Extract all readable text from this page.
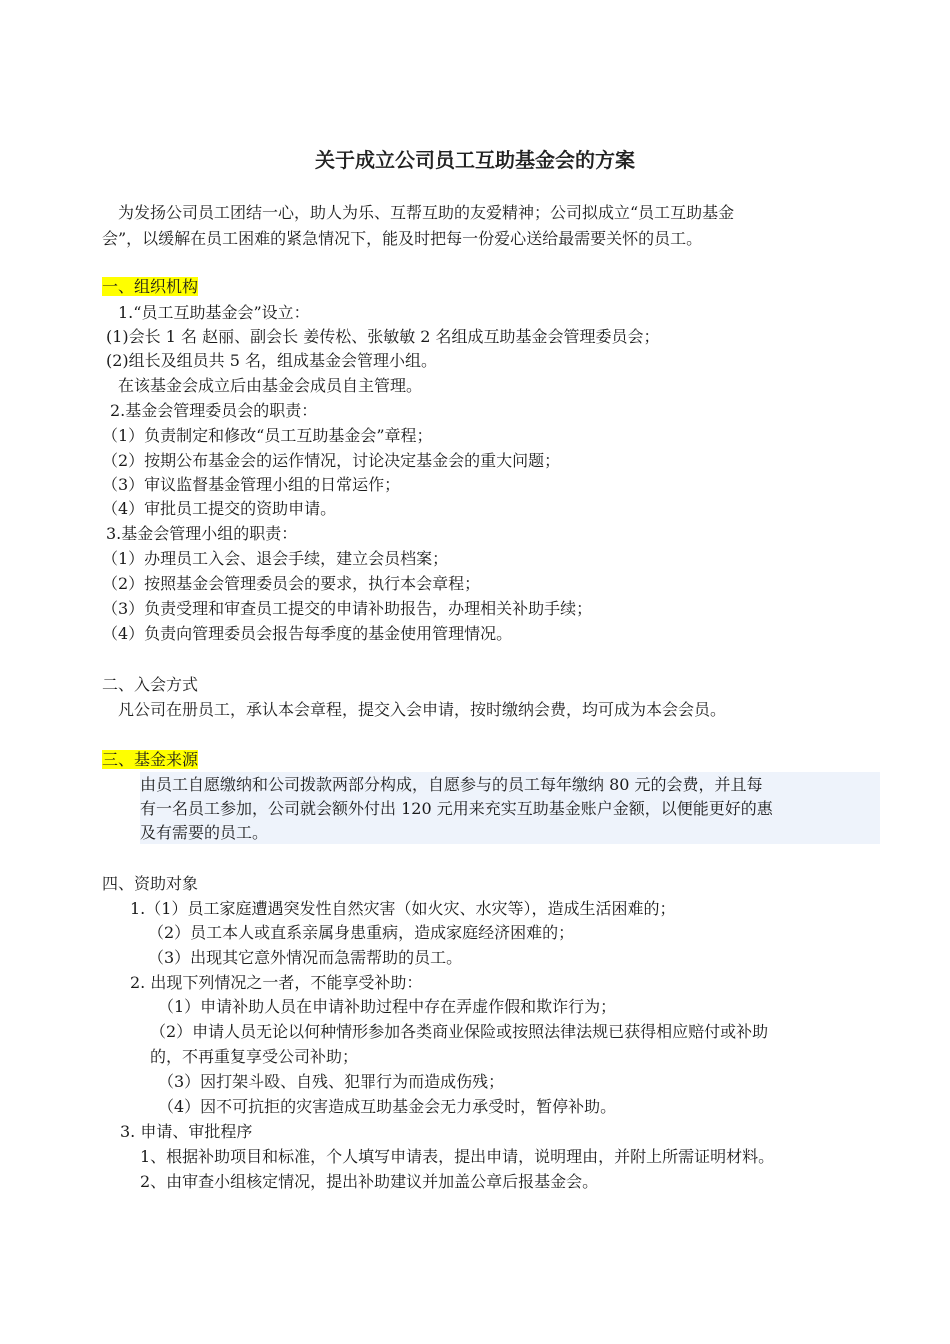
关于成立公司员工互助基金会的方案
为发扬公司员工团结一心，助人为乐、互帮互助的友爱精神；公司拟成立“员工互助基金
会”，以缓解在员工困难的紧急情况下，能及时把每一份爱心送给最需要关怀的员工。
一、组织机构
1.“员工互助基金会”设立：
(1)会长 1 名 赵丽、副会长 姜传松、张敏敏 2 名组成互助基金会管理委员会；
(2)组长及组员共 5 名，组成基金会管理小组。
在该基金会成立后由基金会成员自主管理。
2.基金会管理委员会的职责：
（1）负责制定和修改“员工互助基金会”章程；
（2）按期公布基金会的运作情况，讨论决定基金会的重大问题；
（3）审议监督基金管理小组的日常运作；
（4）审批员工提交的资助申请。
3.基金会管理小组的职责：
（1）办理员工入会、退会手续，建立会员档案；
（2）按照基金会管理委员会的要求，执行本会章程；
（3）负责受理和审查员工提交的申请补助报告，办理相关补助手续；
（4）负责向管理委员会报告每季度的基金使用管理情况。
二、入会方式
凡公司在册员工，承认本会章程，提交入会申请，按时缴纳会费，均可成为本会会员。
三、基金来源
由员工自愿缴纳和公司拨款两部分构成，自愿参与的员工每年缴纳 80 元的会费，并且每
有一名员工参加，公司就会额外付出 120 元用来充实互助基金账户金额，以便能更好的惠
及有需要的员工。
四、资助对象
1.（1）员工家庭遭遇突发性自然灾害（如火灾、水灾等），造成生活困难的；
（2）员工本人或直系亲属身患重病，造成家庭经济困难的；
（3）出现其它意外情况而急需帮助的员工。
2. 出现下列情况之一者，不能享受补助：
（1）申请补助人员在申请补助过程中存在弄虚作假和欺诈行为；
（2）申请人员无论以何种情形参加各类商业保险或按照法律法规已获得相应赔付或补助
的，不再重复享受公司补助；
（3）因打架斗殴、自残、犯罪行为而造成伤残；
（4）因不可抗拒的灾害造成互助基金会无力承受时，暂停补助。
3. 申请、审批程序
1、根据补助项目和标准，个人填写申请表，提出申请，说明理由，并附上所需证明材料。
2、由审查小组核定情况，提出补助建议并加盖公章后报基金会。
